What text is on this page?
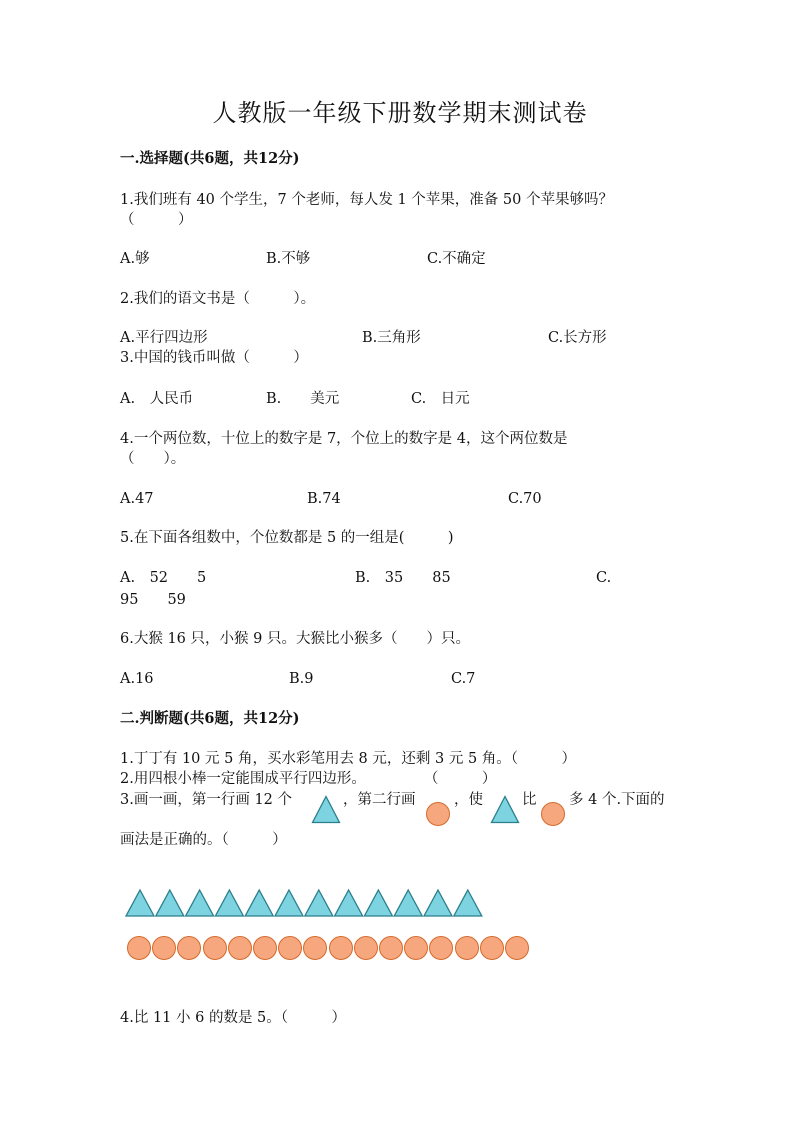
人教版一年级下册数学期末测试卷
一.选择题(共6题，共12分)
1.我们班有 40 个学生，7 个老师，每人发 1 个苹果，准备 50 个苹果够吗？
（　　　）
A.够	B.不够	C.不确定
2.我们的语文书是（　　　）。
A.平行四边形	B.三角形	C.长方形
3.中国的钱币叫做（　　　）
A.　人民币	B.　　美元	C.　日元
4.一个两位数，十位上的数字是 7，个位上的数字是 4，这个两位数是
（　　）。
A.47	B.74	C.70
5.在下面各组数中，个位数都是 5 的一组是(　　　)
A.　52　　5	B.　35　　85	C.
95　　59
6.大猴 16 只，小猴 9 只。大猴比小猴多（　　）只。
A.16	B.9	C.7
二.判断题(共6题，共12分)
1.丁丁有 10 元 5 角，买水彩笔用去 8 元，还剩 3 元 5 角。（　　　）
2.用四根小棒一定能围成平行四边形。　　　　　（　　　）
3.画一画，第一行画 12 个	，第二行画	，使	比 多 4 个.下面的
画法是正确的。（　　　）
4.比 11 小 6 的数是 5。（　　　）
